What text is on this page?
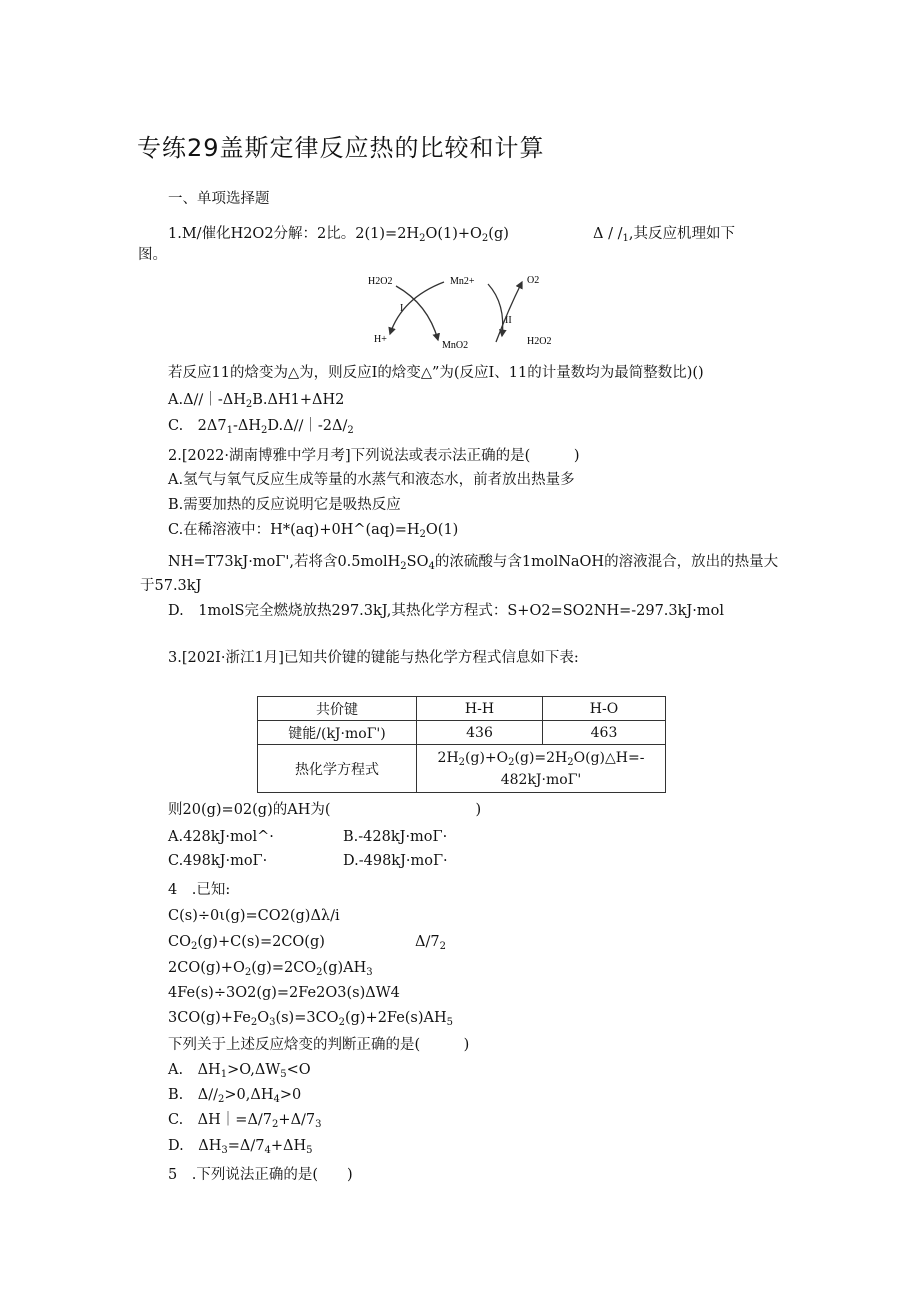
专练29盖斯定律反应热的比较和计算
一、单项选择题
1.M/催化H2O2分解：2比。$2(1)=2H_2O(1)+O_2(g)$	Δ / $/_1$,其反应机理如下
图。
H2O2	Mn2+
I
H+
MnO2
O2
II
H2O2
若反应11的焓变为△为，则反应I的焓变△”为(反应I、11的计量数均为最简整数比)()
$A.\Delta∕∕|-\Delta H_2B.\Delta H1+\Delta H2$
C.　$2\Delta 7_1-\Delta H_2D.\Delta∕∕|-2\Delta∕_2$
2.[2022·湖南博雅中学月考]下列说法或表示法正确的是(　　　)
A.氢气与氧气反应生成等量的水蒸气和液态水，前者放出热量多
B.需要加热的反应说明它是吸热反应
C.在稀溶液中：$H*(aq)+0H\^{}(aq)=H_2O(1)$
NH=T73kJ·moΓ',若将含$0.5molH_2SO_4$的浓硫酸与含1molNaOH的溶液混合，放出的热量大
于57.3kJ
D.　1molS完全燃烧放热297.3kJ,其热化学方程式：S+O2=SO2NH=-297.3kJ·mol
3.[202I·浙江1月]已知共价键的键能与热化学方程式信息如下表:
共价键	H-H	H-O
键能/(kJ·moΓ')	436	463
热化学方程式	$2H_2(g)+O_2(g)=2H_2O(g)\triangle H=-$
482kJ·moΓ'	
则20(g)=02(g)的AH为(　　　　　　　　　　)
A.428kJ·mol^·	B.-428kJ·moΓ·
C.498kJ·moΓ·	D.-498kJ·moΓ·
4　.已知:
C(s)÷0ι(g)=CO2(g)Δλ∕i
$CO_2(g)+C(s)=2CO(g)$	$\Delta∕7_2$
$2CO(g)+O_2(g)=2CO_2(g)AH_3$
4Fe(s)÷3O2(g)=2Fe2O3(s)ΔW4
$3CO(g)+Fe_2O_3(s)=3CO_2(g)+2Fe(s)AH_5$
下列关于上述反应焓变的判断正确的是(　　　)
A.　$\Delta H_1>O,\Delta W_5<O$
B.　$\Delta∕∕_2>0,\Delta H_4>0$
C.　$\Delta H|=\Delta∕7_2+\Delta∕7_3$
D.　$\Delta H_3=\Delta∕7_4+\Delta H_5$
5　.下列说法正确的是(　　)
